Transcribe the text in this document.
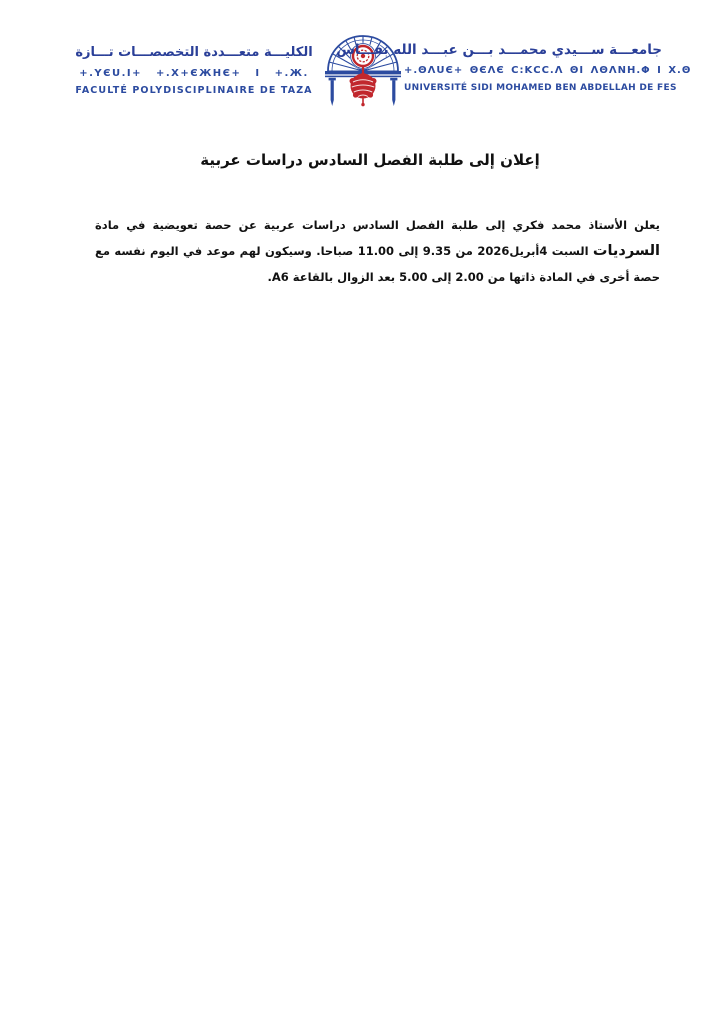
الكليـــة متعـــددة التخصصـــات تـــازة
+.ΥЄU.Ι+ +.X+ЄЖНЄ+ Ι +.Ж.
FACULTÉ POLYDISCIPLINAIRE DE TAZA
جامعـــة ســـيدي محمـــد بـــن عبـــد الله بفـــاس
+.ΘΛUЄ+ ΘЄΛЄ C:ΚCC.Λ ΘΙ ΛΘΛΝΗ.Φ Ι X.Θ
UNIVERSITÉ SIDI MOHAMED BEN ABDELLAH DE FES
إعلان إلى طلبة الفصل السادس دراسات عربية

يعلن الأستاذ محمد فكري إلى طلبة الفصل السادس دراسات عربية عن حصة تعويضية في مادة السرديات السبت 4أبريل2026 من 9.35 إلى 11.00 صباحا. وسيكون لهم موعد في اليوم نفسه مع حصة أخرى في المادة ذاتها من 2.00 إلى 5.00 بعد الزوال بالقاعة A6.
